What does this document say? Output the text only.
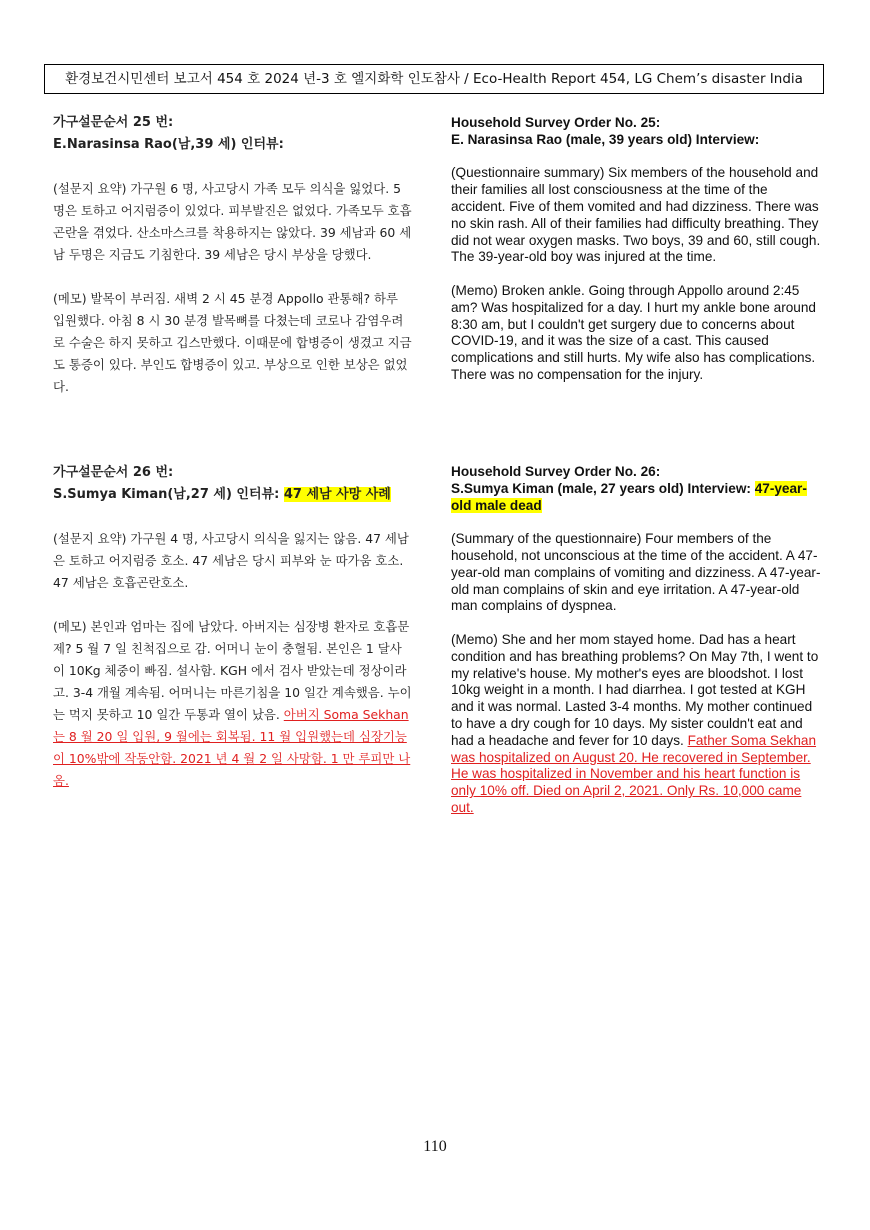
환경보건시민센터 보고서 454 호 2024 년-3 호 엘지화학 인도참사 / Eco-Health Report 454, LG Chem’s disaster India
가구설문순서 25 번:
E.Narasinsa Rao(남,39 세) 인터뷰:

(설문지 요약) 가구원 6 명, 사고당시 가족 모두 의식을 잃었다. 5 명은 토하고 어지럼증이 있었다. 피부발진은 없었다. 가족모두 호흡곤란을 겪었다. 산소마스크를 착용하지는 않았다. 39 세남과 60 세남 두명은 지금도 기침한다. 39 세남은 당시 부상을 당했다.

(메모) 발목이 부러짐. 새벽 2 시 45 분경 Appollo 관통해? 하루 입원했다. 아침 8 시 30 분경 발목뼈를 다쳤는데 코로나 감염우려로 수술은 하지 못하고 깁스만했다. 이때문에 합병증이 생겼고 지금도 통증이 있다. 부인도 합병증이 있고. 부상으로 인한 보상은 없었다.

가구설문순서 26 번:
S.Sumya Kiman(남,27 세) 인터뷰: 47 세남 사망 사례

(설문지 요약) 가구원 4 명, 사고당시 의식을 잃지는 않음. 47 세남은 토하고 어지럼증 호소. 47 세남은 당시 피부와 눈 따가움 호소. 47 세남은 호흡곤란호소.

(메모) 본인과 엄마는 집에 남았다. 아버지는 심장병 환자로 호흡문제? 5 월 7 일 친척집으로 감. 어머니 눈이 충혈됨. 본인은 1 달사이 10Kg 체중이 빠짐. 설사함. KGH 에서 검사 받았는데 정상이라고. 3-4 개월 계속됨. 어머니는 마른기침을 10 일간 계속했음. 누이는 먹지 못하고 10 일간 두통과 열이 났음. 아버지 Soma Sekhan 는 8 월 20 일 입원, 9 월에는 회복됨. 11 월 입원했는데 심장기능이 10%밖에 작동안함. 2021 년 4 월 2 일 사망함. 1 만 루피만 나옴.

Household Survey Order No. 25:
E. Narasinsa Rao (male, 39 years old) Interview:

(Questionnaire summary) Six members of the household and their families all lost consciousness at the time of the accident. Five of them vomited and had dizziness. There was no skin rash. All of their families had difficulty breathing. They did not wear oxygen masks. Two boys, 39 and 60, still cough. The 39-year-old boy was injured at the time.

(Memo) Broken ankle. Going through Appollo around 2:45 am? Was hospitalized for a day. I hurt my ankle bone around 8:30 am, but I couldn't get surgery due to concerns about COVID-19, and it was the size of a cast. This caused complications and still hurts. My wife also has complications. There was no compensation for the injury.

Household Survey Order No. 26:
S.Sumya Kiman (male, 27 years old) Interview: 47-year-old male dead

(Summary of the questionnaire) Four members of the household, not unconscious at the time of the accident. A 47-year-old man complains of vomiting and dizziness. A 47-year-old man complains of skin and eye irritation. A 47-year-old man complains of dyspnea.

(Memo) She and her mom stayed home. Dad has a heart condition and has breathing problems? On May 7th, I went to my relative's house. My mother's eyes are bloodshot. I lost 10kg weight in a month. I had diarrhea. I got tested at KGH and it was normal. Lasted 3-4 months. My mother continued to have a dry cough for 10 days. My sister couldn't eat and had a headache and fever for 10 days. Father Soma Sekhan was hospitalized on August 20. He recovered in September. He was hospitalized in November and his heart function is only 10% off. Died on April 2, 2021. Only Rs. 10,000 came out.

110
